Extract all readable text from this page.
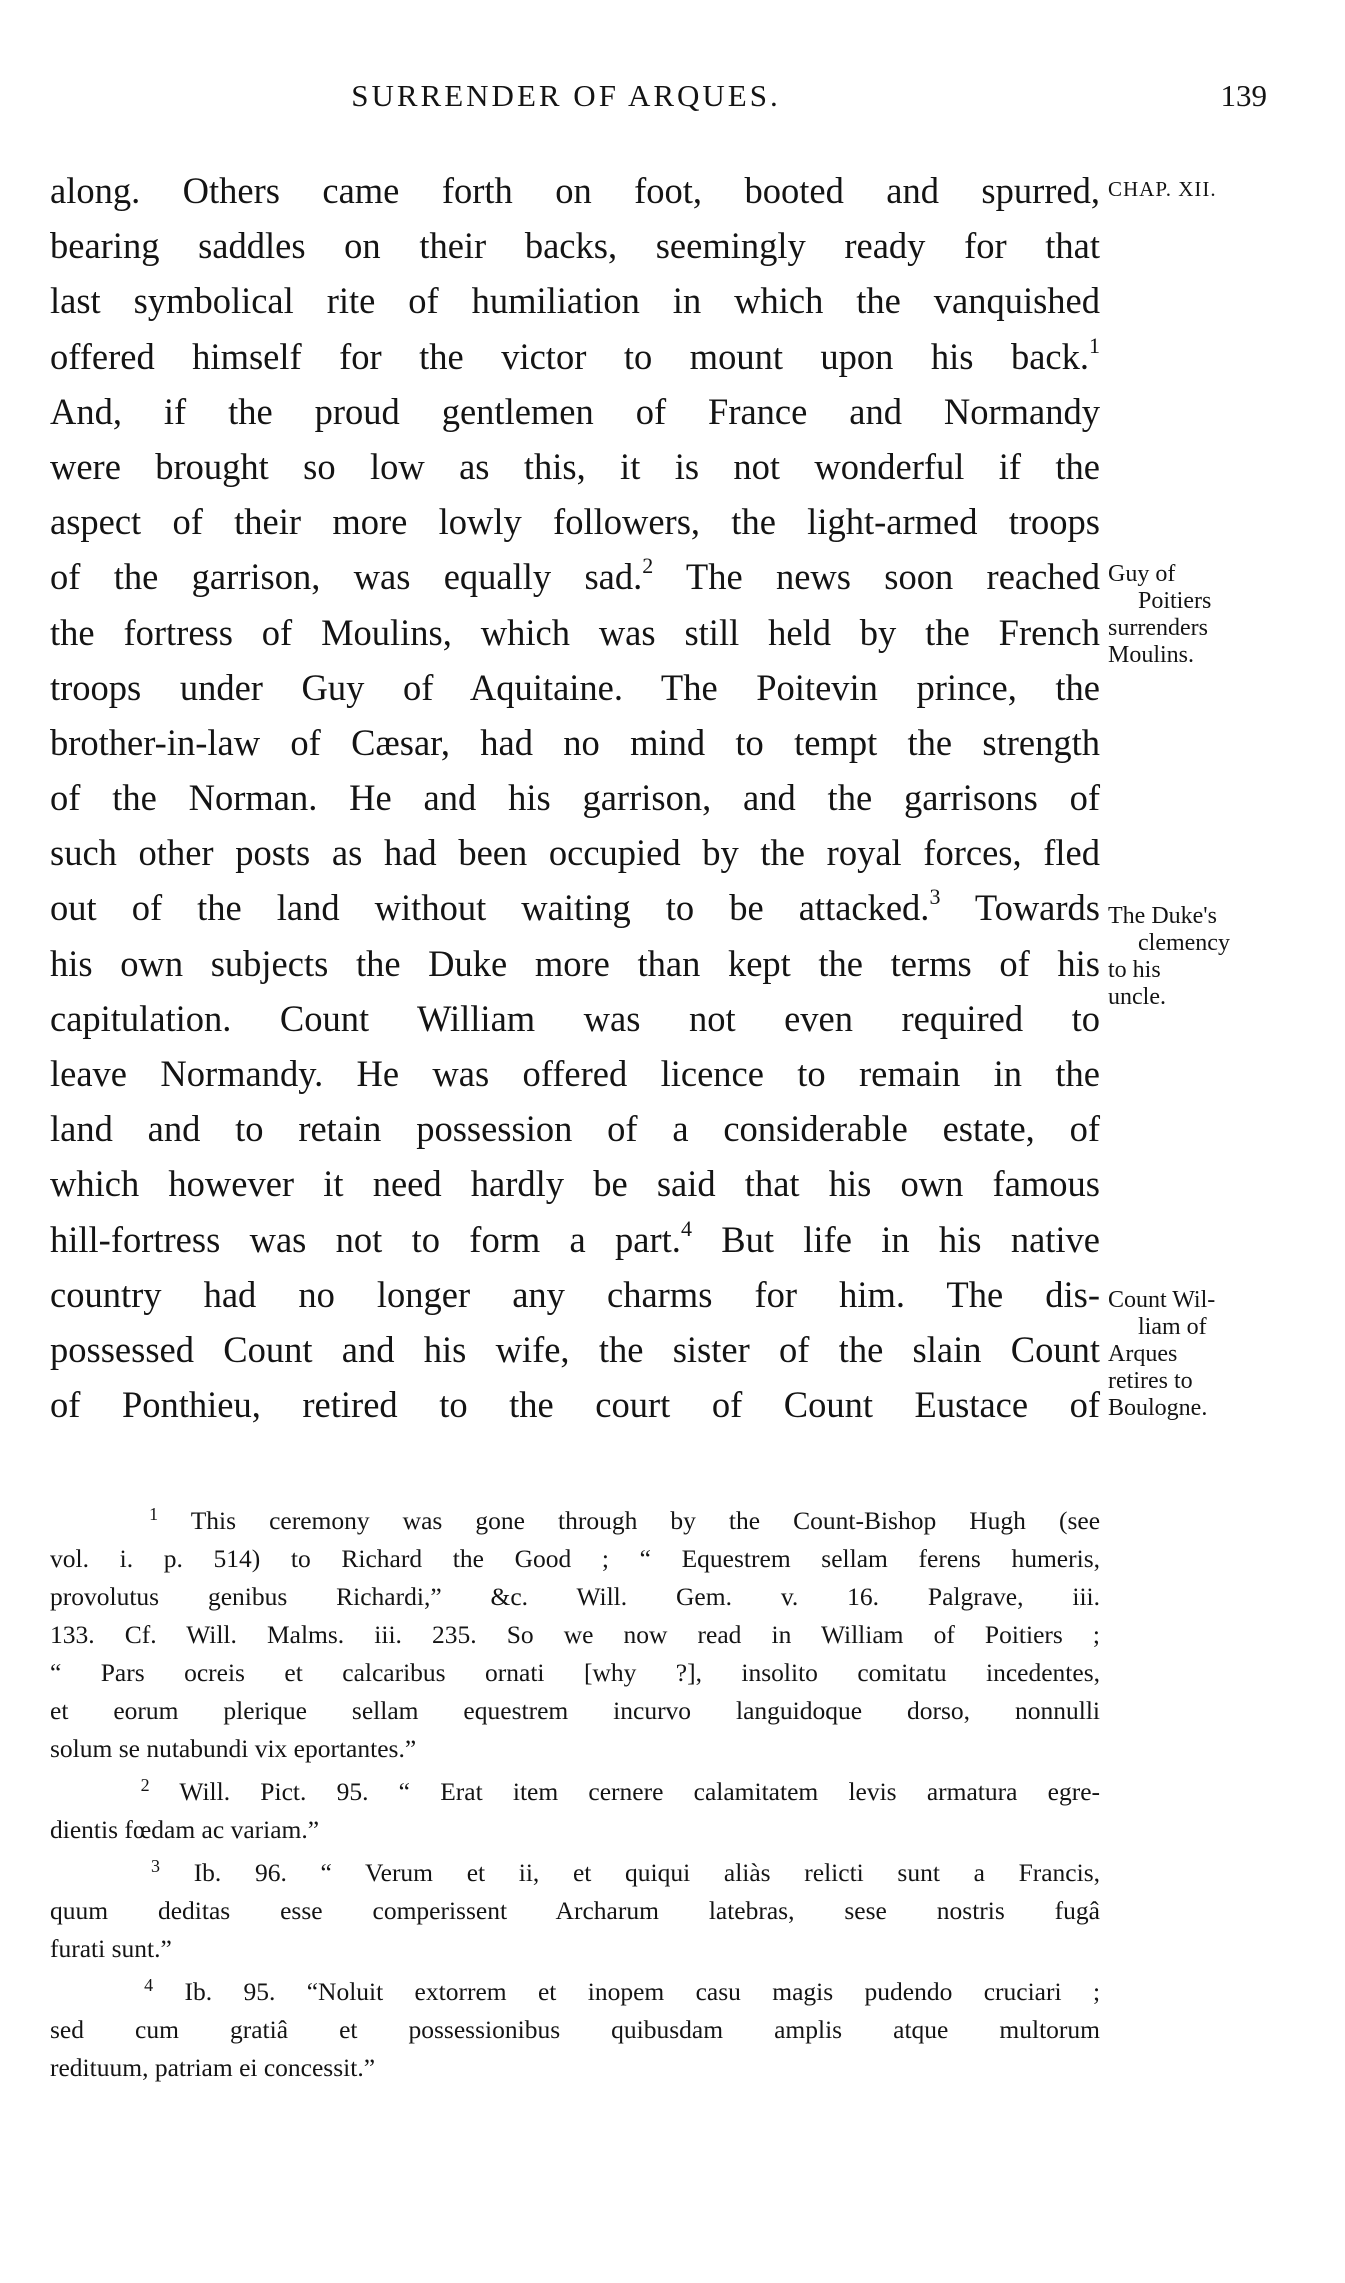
SURRENDER OF ARQUES.	139
along. Others came forth on foot, booted and spurred,
bearing saddles on their backs, seemingly ready for that
last symbolical rite of humiliation in which the vanquished
offered himself for the victor to mount upon his back.$^1$
And, if the proud gentlemen of France and Normandy
were brought so low as this, it is not wonderful if the
aspect of their more lowly followers, the light-armed troops
of the garrison, was equally sad.$^2$ The news soon reached
the fortress of Moulins, which was still held by the French
troops under Guy of Aquitaine. The Poitevin prince, the
brother-in-law of Cæsar, had no mind to tempt the strength
of the Norman. He and his garrison, and the garrisons of
such other posts as had been occupied by the royal forces, fled
out of the land without waiting to be attacked.$^3$ Towards
his own subjects the Duke more than kept the terms of his
capitulation. Count William was not even required to
leave Normandy. He was offered licence to remain in the
land and to retain possession of a considerable estate, of
which however it need hardly be said that his own famous
hill-fortress was not to form a part.$^4$ But life in his native
country had no longer any charms for him. The dis-
possessed Count and his wife, the sister of the slain Count
of Ponthieu, retired to the court of Count Eustace of
CHAP. XII.
Guy of
Poitiers
surrenders
Moulins.
The Duke's
clemency
to his
uncle.
Count Wil-
liam of
Arques
retires to
Boulogne.
$^1$ This ceremony was gone through by the Count-Bishop Hugh (see
vol. i. p. 514) to Richard the Good ; “ Equestrem sellam ferens humeris,
provolutus genibus Richardi,” &c. Will. Gem. v. 16. Palgrave, iii.
133. Cf. Will. Malms. iii. 235. So we now read in William of Poitiers ;
“ Pars ocreis et calcaribus ornati [why ?], insolito comitatu incedentes,
et eorum plerique sellam equestrem incurvo languidoque dorso, nonnulli
solum se nutabundi vix eportantes.”
$^2$ Will. Pict. 95. “ Erat item cernere calamitatem levis armatura egre-
dientis fœdam ac variam.”
$^3$ Ib. 96. “ Verum et ii, et quiqui aliàs relicti sunt a Francis,
quum deditas esse comperissent Archarum latebras, sese nostris fugâ
furati sunt.”
$^4$ Ib. 95. “Noluit extorrem et inopem casu magis pudendo cruciari ;
sed cum gratiâ et possessionibus quibusdam amplis atque multorum
redituum, patriam ei concessit.”
